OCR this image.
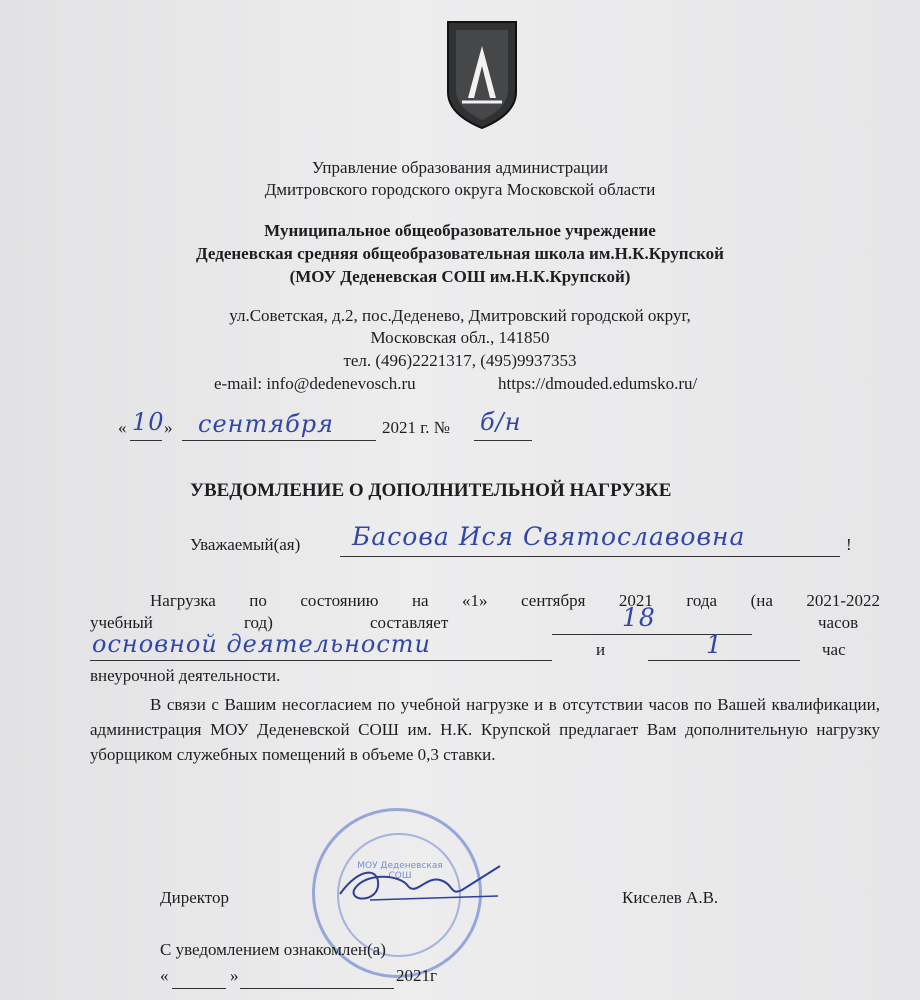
Управление образования администрации
Дмитровского городского округа Московской области
Муниципальное общеобразовательное учреждение
Деденевская средняя общеобразовательная школа им.Н.К.Крупской
(МОУ Деденевская СОШ им.Н.К.Крупской)
ул.Советская, д.2, пос.Деденево, Дмитровский городской округ,
Московская обл., 141850
тел. (496)2221317, (495)9937353
e-mail: info@dedenevosch.ru	https://dmouded.edumsko.ru/
« 10 » сентября	2021 г. № б/н
УВЕДОМЛЕНИЕ О ДОПОЛНИТЕЛЬНОЙ НАГРУЗКЕ
Уважаемый(ая) Басова Ися Святославовна	!
Нагрузка по состоянию на «1» сентября 2021 года (на 2021-2022
учебный	год)	составляет	18	часов
основной деятельности	и	1	час
внеурочной деятельности.
В связи с Вашим несогласием по учебной нагрузке и в отсутствии часов по Вашей квалификации, администрация МОУ Деденевской СОШ им. Н.К. Крупской предлагает Вам дополнительную нагрузку уборщиком служебных помещений в объеме 0,3 ставки.
МОУ Деденевская СОШ
Директор	Киселев А.В.
С уведомлением ознакомлен(а)
«	»	2021г
